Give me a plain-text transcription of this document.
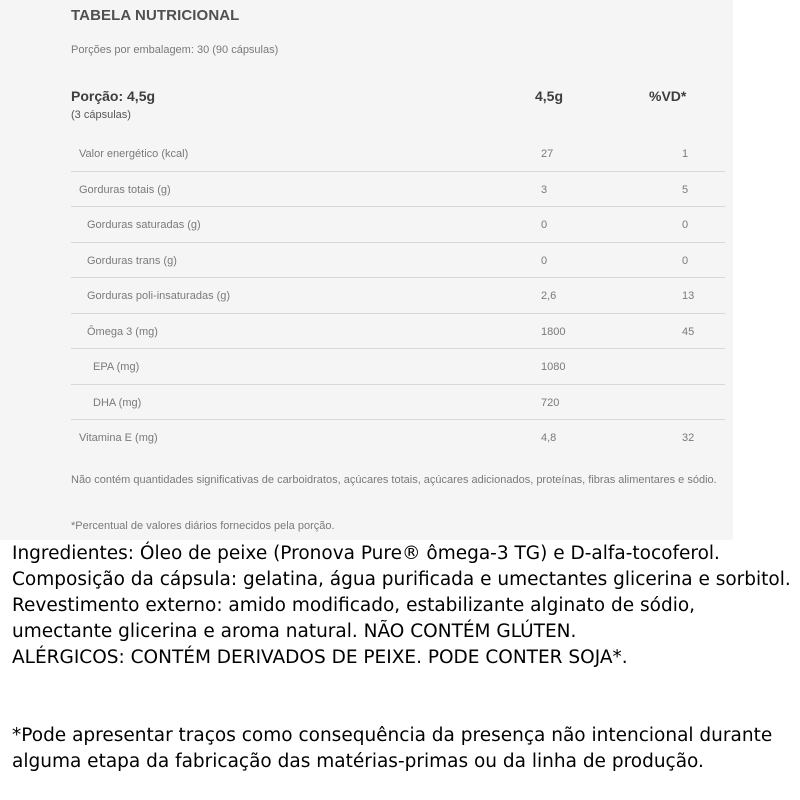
TABELA NUTRICIONAL
Porções por embalagem: 30 (90 cápsulas)
Porção: 4,5g
(3 cápsulas)
4,5g	%VD*
Valor energético (kcal)	27	1
Gorduras totais (g)	3	5
Gorduras saturadas (g)	0	0
Gorduras trans (g)	0	0
Gorduras poli-insaturadas (g)	2,6	13
Ômega 3 (mg)	1800	45
EPA (mg)	1080
DHA (mg)	720
Vitamina E (mg)	4,8	32
Não contém quantidades significativas de carboidratos, açúcares totais, açúcares adicionados, proteínas, fibras alimentares e sódio.
*Percentual de valores diários fornecidos pela porção.
Ingredientes: Óleo de peixe (Pronova Pure® ômega-3 TG) e D-alfa-tocoferol. Composição da cápsula: gelatina, água purificada e umectantes glicerina e sorbitol. Revestimento externo: amido modificado, estabilizante alginato de sódio, umectante glicerina e aroma natural. NÃO CONTÉM GLÚTEN.
ALÉRGICOS: CONTÉM DERIVADOS DE PEIXE. PODE CONTER SOJA*.
*Pode apresentar traços como consequência da presença não intencional durante alguma etapa da fabricação das matérias-primas ou da linha de produção.
